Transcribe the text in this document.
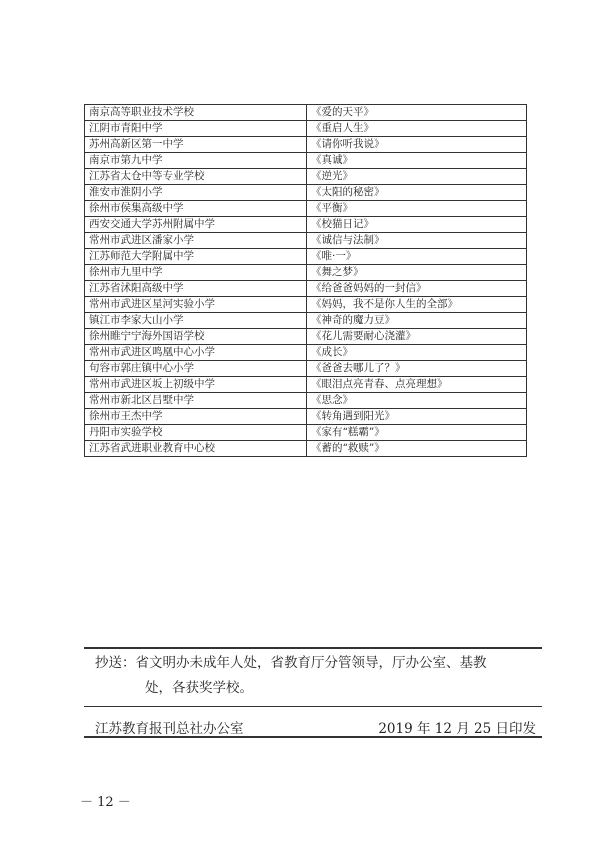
南京高等职业技术学校	《爱的天平》
江阴市青阳中学	《重启人生》
苏州高新区第一中学	《请你听我说》
南京市第九中学	《真诚》
江苏省太仓中等专业学校	《逆光》
淮安市淮阴小学	《太阳的秘密》
徐州市侯集高级中学	《平衡》
西安交通大学苏州附属中学	《校猫日记》
常州市武进区潘家小学	《诚信与法制》
江苏师范大学附属中学	《唯·一》
徐州市九里中学	《舞之梦》
江苏省沭阳高级中学	《给爸爸妈妈的一封信》
常州市武进区星河实验小学	《妈妈，我不是你人生的全部》
镇江市李家大山小学	《神奇的魔力豆》
徐州睢宁宁海外国语学校	《花儿需要耐心浇灌》
常州市武进区鸣凰中心小学	《成长》
句容市郭庄镇中心小学	《爸爸去哪儿了？》
常州市武进区坂上初级中学	《眼泪点亮青春、点亮理想》
常州市新北区吕墅中学	《思念》
徐州市王杰中学	《转角遇到阳光》
丹阳市实验学校	《家有“糕霸”》
江苏省武进职业教育中心校	《蓄的“救赎”》
抄送：省文明办未成年人处，省教育厅分管领导，厅办公室、基教
处，各获奖学校。
江苏教育报刊总社办公室	2019 年 12 月 25 日印发
－ 12 －
